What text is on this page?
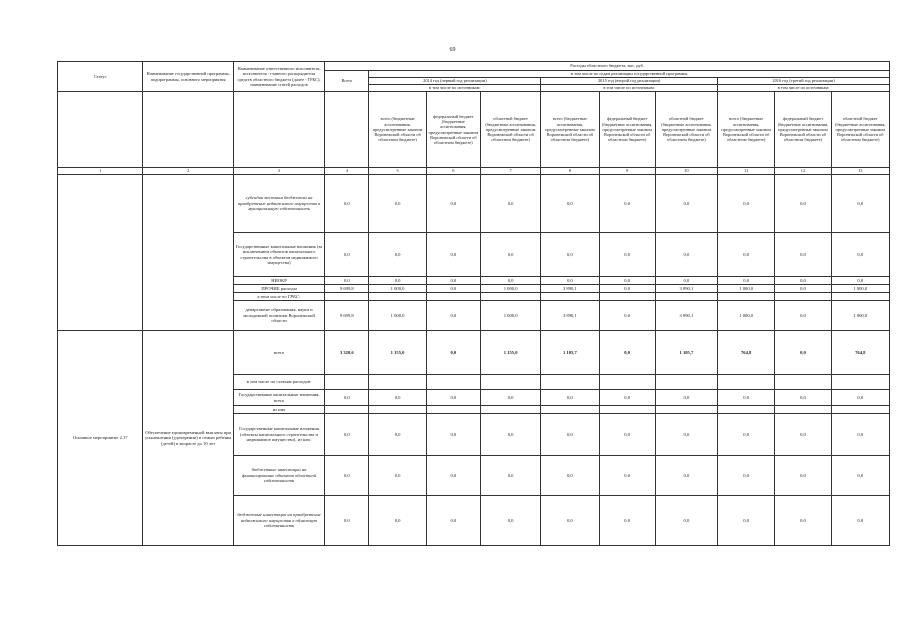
69
Статус	Наименование государственной программы, подпрограммы, основного мероприятия	Наименование ответственного исполнителя, исполнителя - главного распорядителя средств областного бюджета (далее - ГРБС), наименование статей расходов	Расходы областного бюджета, тыс. руб.									
			Всего	в том числе по годам реализации государственной программы								
				2014 год (первый год реализации)			2015 год (второй год реализации)			2016 год (третий год реализации)		
				в том числе по источникам:			в том числе по источникам:			в том числе по источникам:		
				всего (бюджетные ассигнования, предусмотренные законом Воронежской области об областном бюджете)	федеральный бюджет (бюджетные ассигнования, предусмотренные законом Воронежской области об областном бюджете)	областной бюджет (бюджетные ассигнования, предусмотренные законом Воронежской области об областном бюджете)	всего (бюджетные ассигнования, предусмотренные законом Воронежской области об областном бюджете)	федеральный бюджет (бюджетные ассигнования, предусмотренные законом Воронежской области об областном бюджете)	областной бюджет (бюджетные ассигнования, предусмотренные законом Воронежской области об областном бюджете)	всего (бюджетные ассигнования, предусмотренные законом Воронежской области об областном бюджете)	федеральный бюджет (бюджетные ассигнования, предусмотренные законом Воронежской области об областном бюджете)	областной бюджет (бюджетные ассигнования, предусмотренные законом Воронежской области об областном бюджете)
1	2	3	4	5	6	7	8	9	10	11	12	13
		субсидии местным бюджетам на приобретение недвижимого имущества в муниципальную собственность	0,0	0,0	0,0	0,0	0,0	0,0	0,0	0,0	0,0	0,0
		Государственные капитальные вложения (за исключением объектов капитального строительства в объектов недвижимого имущества)	0,0	0,0	0,0	0,0	0,0	0,0	0,0	0,0	0,0	0,0
		НИОКР	0,0	0,0	0,0	0,0	0,0	0,0	0,0	0,0	0,0	0,0
		ПРОЧИЕ расходы	9 699,8	1 000,0	0,0	1 000,0	3 890,1	0,0	3 890,1	1 000,0	0,0	1 000,0
		в том числе по ГРБС:										
		департамент образования, науки и молодежной политики Воронежской области	9 699,8	1 000,0	0,0	1 000,0	3 890,1	0,0	3 890,1	1 000,0	0,0	1 000,0
Основное мероприятие 2.17	Обеспечение единовременной выплаты при усыновлении (удочерении) в семью ребенка (детей) в возрасте до 10 лет	всего	3 320,6	1 155,0	0,0	1 155,0	1 105,7	0,0	1 105,7	764,8	0,0	764,8
		в том числе по статьям расходов:										
		Государственные капитальные вложения, всего	0,0	0,0	0,0	0,0	0,0	0,0	0,0	0,0	0,0	0,0
		из них										
		Государственные капитальные вложения (объекты капитального строительства и недвижимое имущество), из них:	0,0	0,0	0,0	0,0	0,0	0,0	0,0	0,0	0,0	0,0
		бюджетные инвестиции на финансирование объектов областной собственности	0,0	0,0	0,0	0,0	0,0	0,0	0,0	0,0	0,0	0,0
		бюджетные инвестиции на приобретение недвижимого имущества в областную собственность	0,0	0,0	0,0	0,0	0,0	0,0	0,0	0,0	0,0	0,0
